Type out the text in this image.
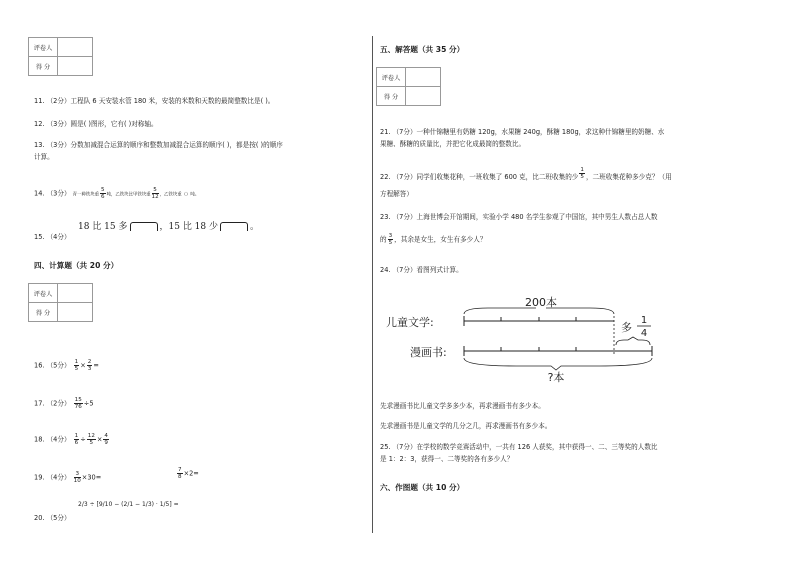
评卷人	
得 分	
11. （2分）工程队 6 天安装水管 180 米，安装的米数和天数的最简整数比是( )。
12. （3分）圆是( )图形，它有( )对称轴。
13. （3分）分数加减混合运算的顺序和整数加减混合运算的顺序( )，都是按( )的顺序
计算。
14. （3分） 青一种铁块重 $\frac{5}{6}$ 吨，乙铁块比甲铁块重 $\frac{5}{12}$ ，乙铁块重（）吨。
18 比 15 多	，15 比 18 少	。
15. （4分）
四、计算题（共 20 分）
评卷人	
得 分	
16. （5分） $\frac{1}{5} \times \frac{2}{3}$ =
17. （2分） $\frac{15}{76} \div 5$
18. （4分） $\frac{1}{6} \div \frac{12}{5} \times \frac{4}{9}$
19. （4分） $\frac{3}{10} \times 30=$	$\frac{7}{8} \times 2=$
20. （5分）
2/3 ÷ [9/10 − (2/1 − 1/3) · 1/5] =
五、解答题（共 35 分）
评卷人	
得 分	
21. （7分）一种什锦糖里有奶糖 120g，水果糖 240g，酥糖 180g，求这种什锦糖里的奶糖、水
果糖、酥糖的质量比，并把它化成最简的整数比。
22. （7分）同学们收集花种，一班收集了 600 克，比二班收集的少 $\frac{1}{5}$ ，二班收集花种多少克？（用
方程解答）
23. （7分）上海世博会开馆期间，实验小学 480 名学生参观了中国馆，其中男生人数占总人数
的 $\frac{3}{5}$ ，其余是女生，女生有多少人？
24. （7分）看图列式计算。
200本
儿童文学:
漫画书:
多
1
4
?本
先求漫画书比儿童文学多多少本，再求漫画书有多少本。
先求漫画书是儿童文学的几分之几，再求漫画书有多少本。
25. （7分）在学校的数学竞赛活动中，一共有 126 人获奖，其中获得一、二、三等奖的人数比
是 1：2：3，获得一、二等奖的各有多少人？
六、作图题（共 10 分）
